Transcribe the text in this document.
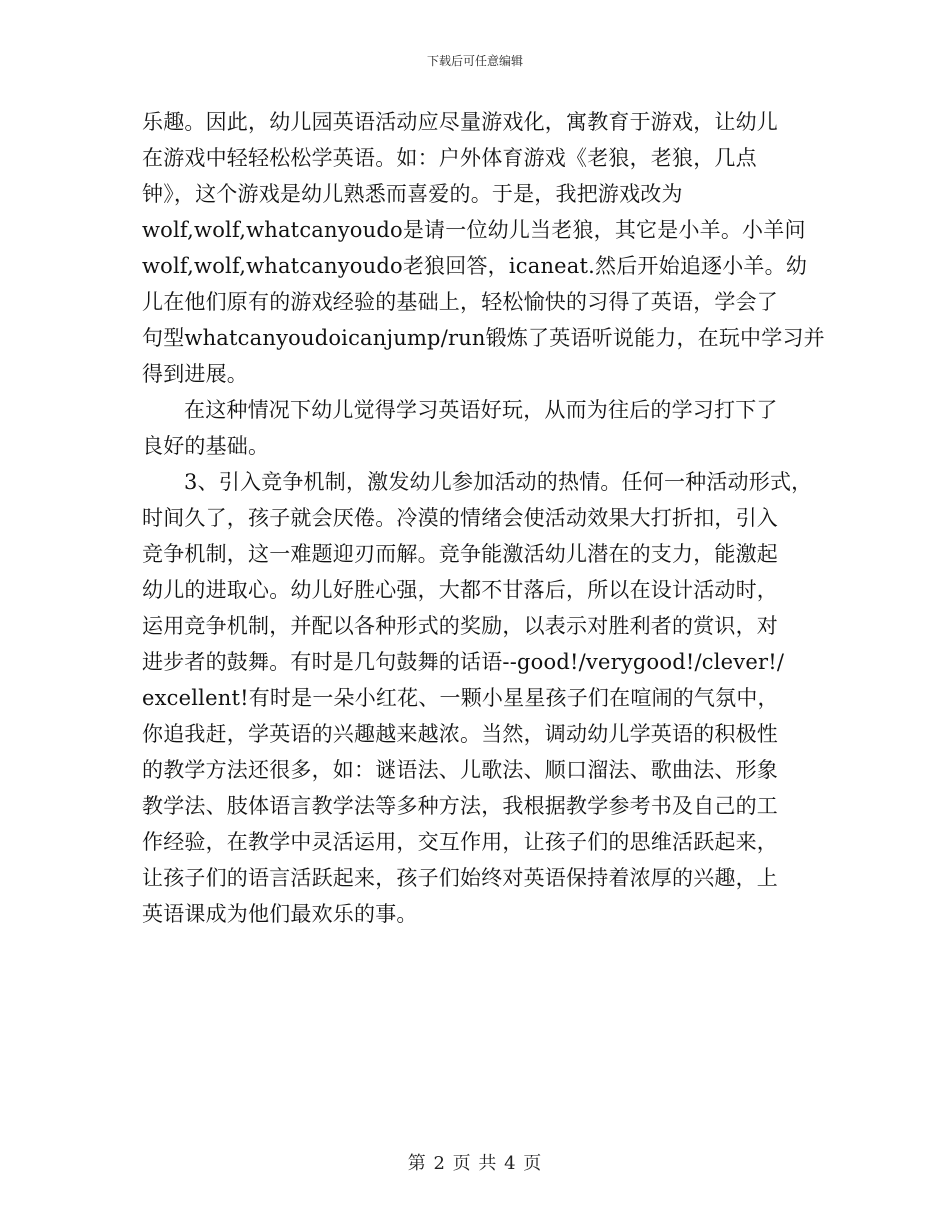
下载后可任意编辑
乐趣。因此，幼儿园英语活动应尽量游戏化，寓教育于游戏，让幼儿
在游戏中轻轻松松学英语。如：户外体育游戏《老狼，老狼，几点
钟》，这个游戏是幼儿熟悉而喜爱的。于是，我把游戏改为
wolf,wolf,whatcanyoudo是请一位幼儿当老狼，其它是小羊。小羊问
wolf,wolf,whatcanyoudo老狼回答，icaneat.然后开始追逐小羊。幼
儿在他们原有的游戏经验的基础上，轻松愉快的习得了英语，学会了
句型whatcanyoudoicanjump/run锻炼了英语听说能力，在玩中学习并
得到进展。
在这种情况下幼儿觉得学习英语好玩，从而为往后的学习打下了
良好的基础。
3、引入竞争机制，激发幼儿参加活动的热情。任何一种活动形式，
时间久了，孩子就会厌倦。冷漠的情绪会使活动效果大打折扣，引入
竞争机制，这一难题迎刃而解。竞争能激活幼儿潜在的支力，能激起
幼儿的进取心。幼儿好胜心强，大都不甘落后，所以在设计活动时，
运用竞争机制，并配以各种形式的奖励，以表示对胜利者的赏识，对
进步者的鼓舞。有时是几句鼓舞的话语--good!/verygood!/clever!/
excellent!有时是一朵小红花、一颗小星星孩子们在喧闹的气氛中，
你追我赶，学英语的兴趣越来越浓。当然，调动幼儿学英语的积极性
的教学方法还很多，如：谜语法、儿歌法、顺口溜法、歌曲法、形象
教学法、肢体语言教学法等多种方法，我根据教学参考书及自己的工
作经验，在教学中灵活运用，交互作用，让孩子们的思维活跃起来，
让孩子们的语言活跃起来，孩子们始终对英语保持着浓厚的兴趣，上
英语课成为他们最欢乐的事。
第 2 页 共 4 页
